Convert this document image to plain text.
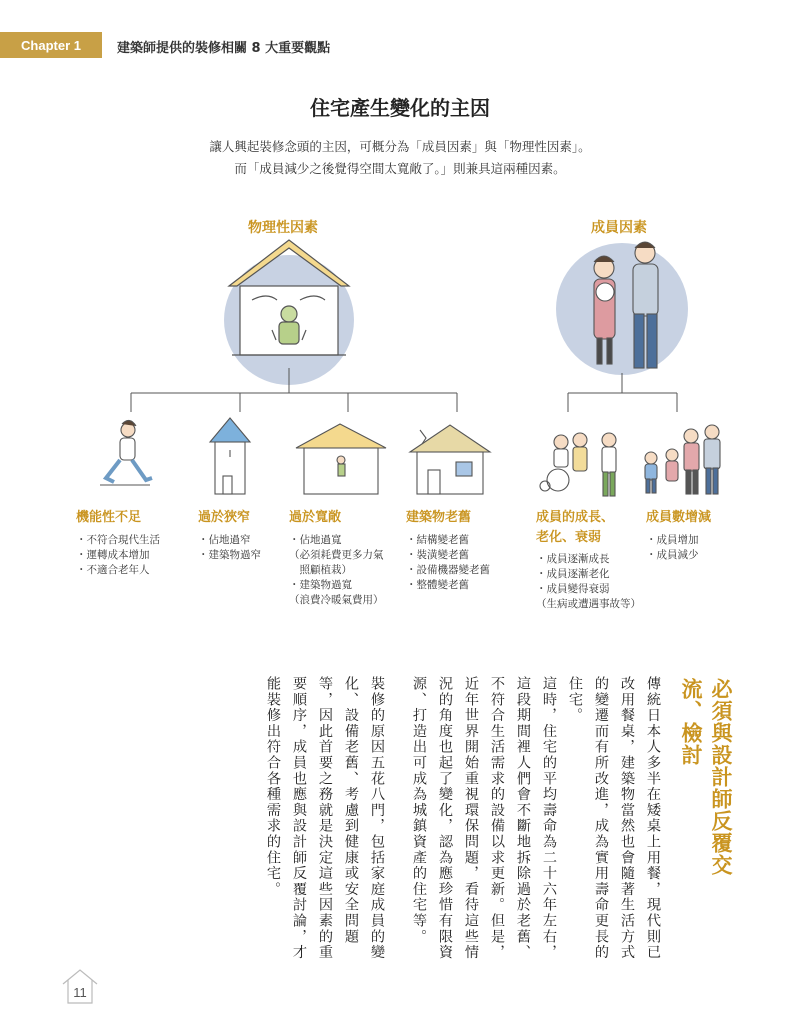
Chapter 1	建築師提供的裝修相關 8 大重要觀點
住宅產生變化的主因
讓人興起裝修念頭的主因，可概分為「成員因素」與「物理性因素」。
而「成員減少之後覺得空間太寬敞了。」則兼具這兩種因素。
物理性因素	成員因素
機能性不足
・不符合現代生活
・運轉成本增加
・不適合老年人
過於狹窄
・佔地過窄
・建築物過窄
過於寬敞
・佔地過寬
（必須耗費更多力氣
　照顧植栽）
・建築物過寬
（浪費冷暖氣費用）
建築物老舊
・結構變老舊
・裝潢變老舊
・設備機器變老舊
・整體變老舊
成員的成長、
老化、衰弱
・成員逐漸成長
・成員逐漸老化
・成員變得衰弱
（生病或遭遇事故等）
成員數增減
・成員增加
・成員減少
必須與設計師反覆交流、檢討

傳統日本人多半在矮桌上用餐，現代則已改用餐桌，建築物當然也會隨著生活方式的變遷而有所改進，成為實用壽命更長的住宅。

這時，住宅的平均壽命為二十六年左右，這段期間裡人們會不斷地拆除過於老舊、不符合生活需求的設備以求更新。但是，近年世界開始重視環保問題，看待這些情況的角度也起了變化，認為應珍惜有限資源、打造出可成為城鎮資產的住宅等。

裝修的原因五花八門，包括家庭成員的變化、設備老舊、考慮到健康或安全問題等，因此首要之務就是決定這些因素的重要順序，成員也應與設計師反覆討論，才能裝修出符合各種需求的住宅。

11
